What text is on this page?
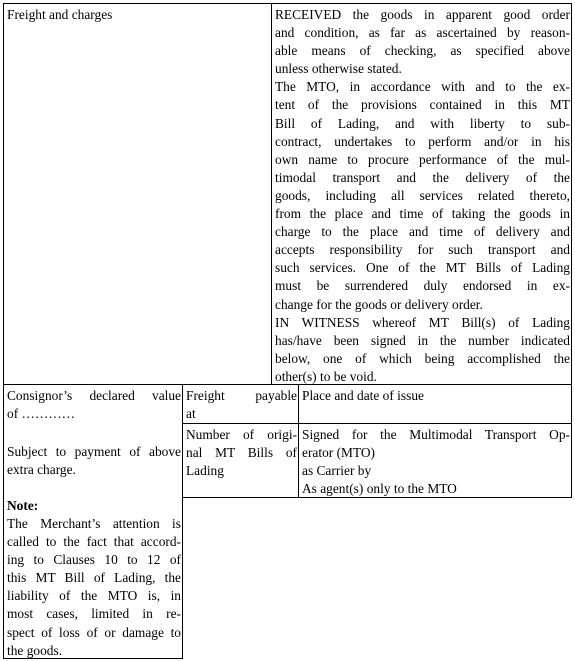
Freight and charges	RECEIVED the goods in apparent good order
and condition, as far as ascertained by reason-
able means of checking, as specified above
unless otherwise stated.
The MTO, in accordance with and to the ex-
tent of the provisions contained in this MT
Bill of Lading, and with liberty to sub-
contract, undertakes to perform and/or in his
own name to procure performance of the mul-
timodal transport and the delivery of the
goods, including all services related thereto,
from the place and time of taking the goods in
charge to the place and time of delivery and
accepts responsibility for such transport and
such services. One of the MT Bills of Lading
must be surrendered duly endorsed in ex-
change for the goods or delivery order.
IN WITNESS whereof MT Bill(s) of Lading
has/have been signed in the number indicated
below, one of which being accomplished the
other(s) to be void.
Consignor’s declared value
of …………
Subject to payment of above
extra charge.
Note:
The Merchant’s attention is
called to the fact that accord-
ing to Clauses 10 to 12 of
this MT Bill of Lading, the
liability of the MTO is, in
most cases, limited in re-
spect of loss of or damage to
the goods.
Freight payable
at
Place and date of issue
Number of origi-
nal MT Bills of
Lading
Signed for the Multimodal Transport Op-
erator (MTO)
as Carrier by
As agent(s) only to the MTO
